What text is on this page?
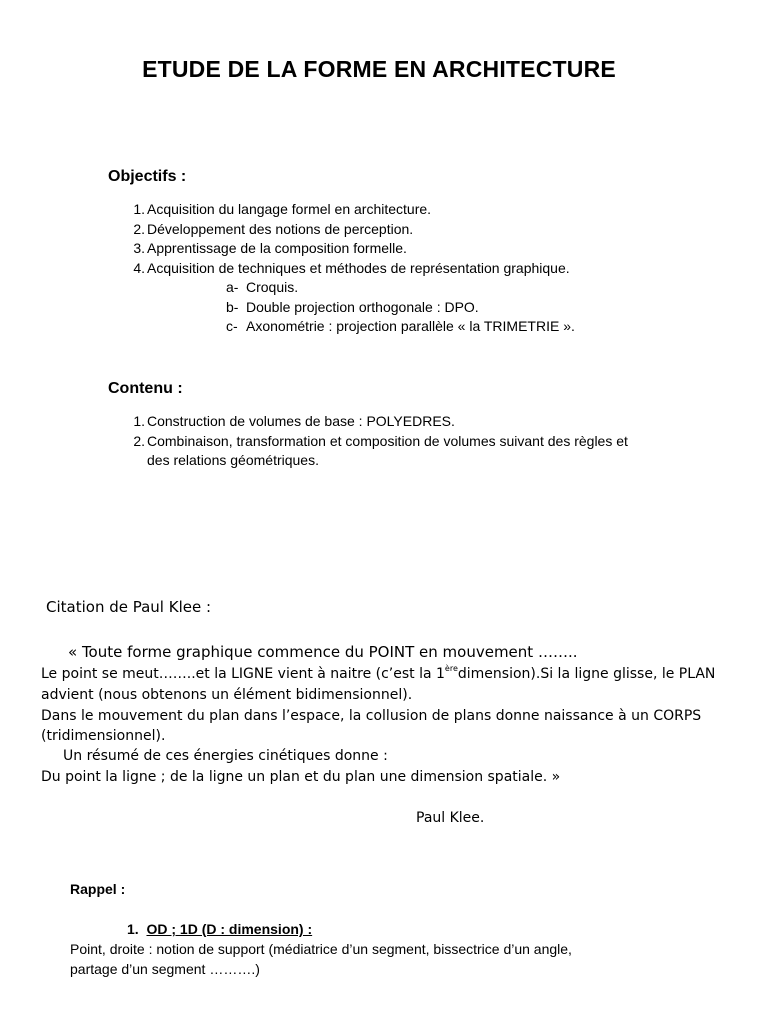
ETUDE DE LA FORME EN ARCHITECTURE
Objectifs :
1. Acquisition du langage formel en architecture.
2. Développement des notions de perception.
3. Apprentissage de la composition formelle.
4. Acquisition de techniques et méthodes de représentation graphique.
a- Croquis.
b- Double projection orthogonale : DPO.
c- Axonométrie : projection parallèle « la TRIMETRIE ».
Contenu :
1. Construction de volumes de base : POLYEDRES.
2. Combinaison, transformation et composition de volumes suivant des règles et
des relations géométriques.
Citation de Paul Klee :
« Toute forme graphique commence du POINT en mouvement ……..
Le point se meut……..et la LIGNE vient à naitre (c’est la 1èredimension).Si la ligne glisse, le PLAN
advient (nous obtenons un élément bidimensionnel).
Dans le mouvement du plan dans l’espace, la collusion de plans donne naissance à un CORPS
(tridimensionnel).
Un résumé de ces énergies cinétiques donne :
Du point la ligne ; de la ligne un plan et du plan une dimension spatiale. »
Paul Klee.
Rappel :
1. OD ; 1D (D : dimension) :
Point, droite : notion de support (médiatrice d’un segment, bissectrice d’un angle,
partage d’un segment ……….)
